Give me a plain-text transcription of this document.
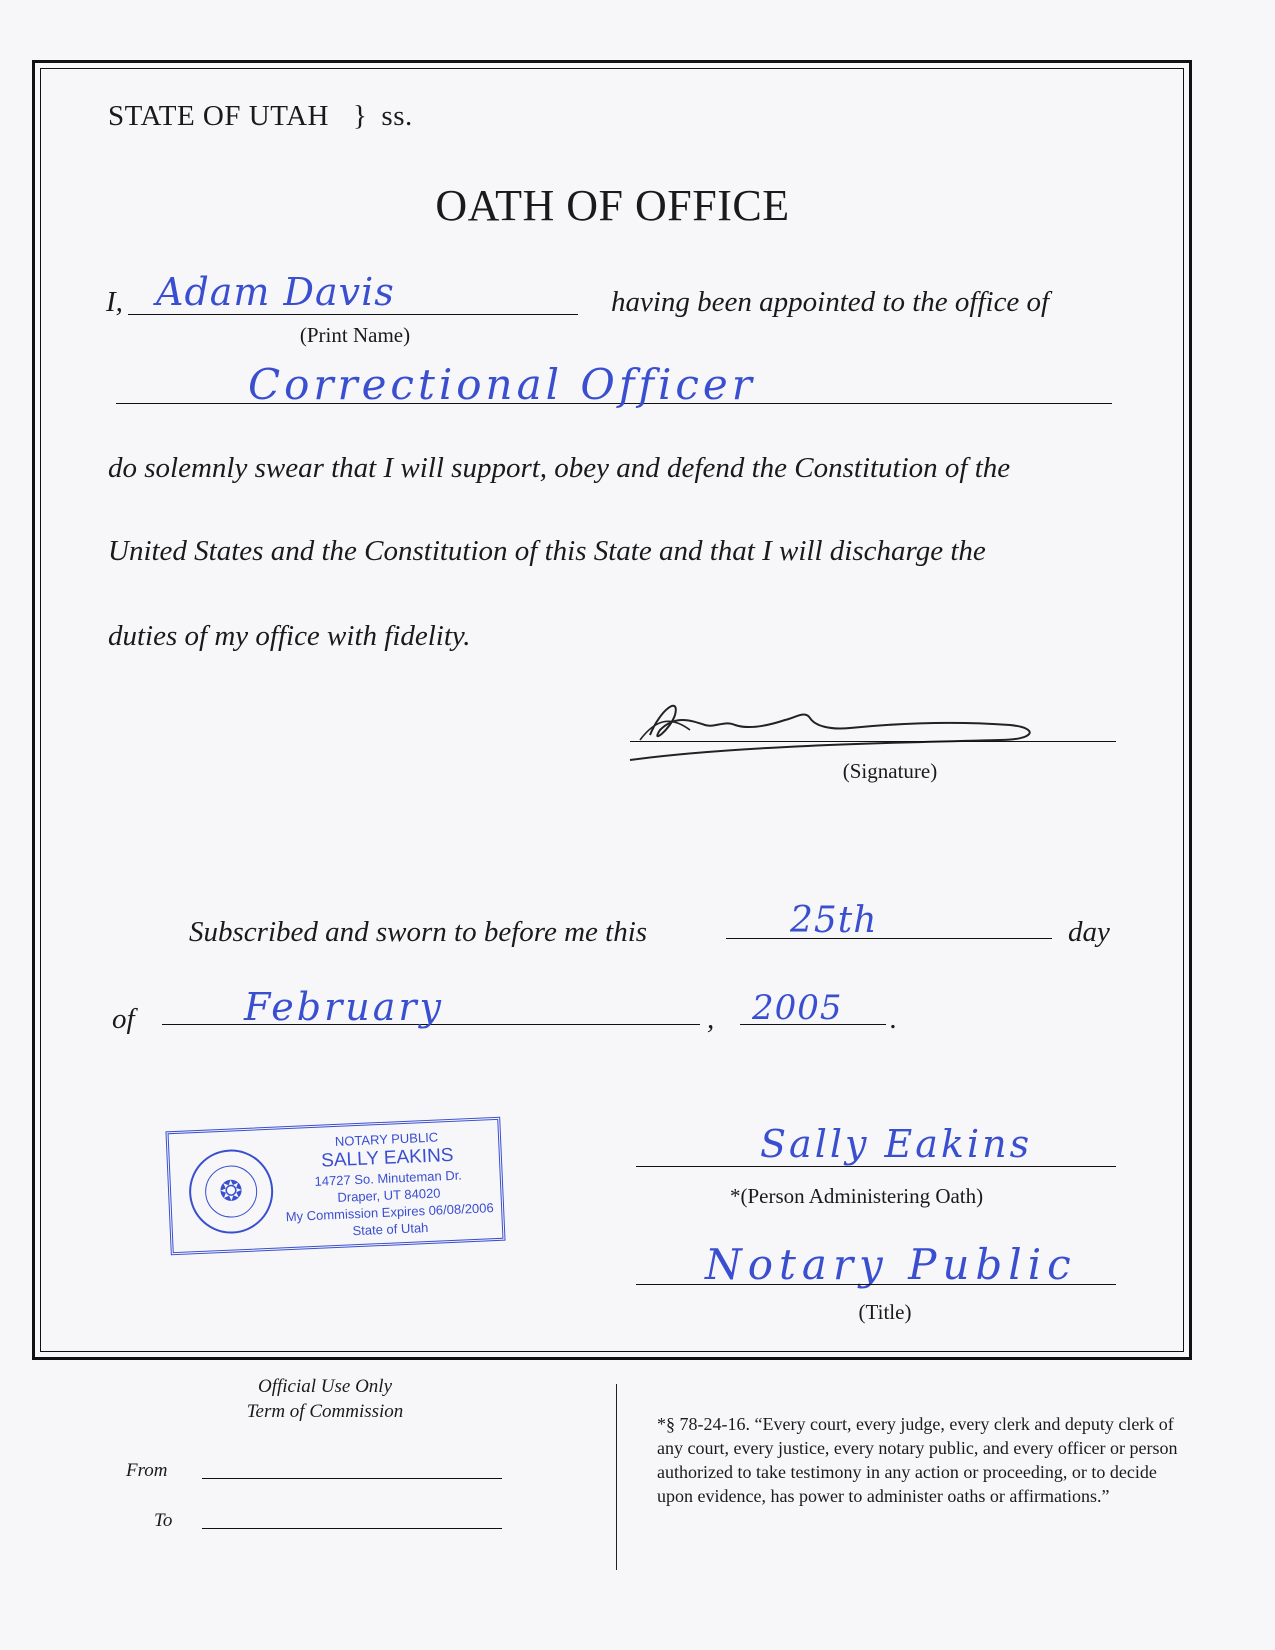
STATE OF UTAH } ss.
OATH OF OFFICE
I, Adam Davis
(Print Name)
having been appointed to the office of
Correctional Officer
do solemnly swear that I will support, obey and defend the Constitution of the
United States and the Constitution of this State and that I will discharge the
duties of my office with fidelity.
(Signature)
Subscribed and sworn to before me this	25th	day
of	February	, 2005 .
❂
NOTARY PUBLIC
SALLY EAKINS
14727 So. Minuteman Dr.
Draper, UT 84020
My Commission Expires 06/08/2006
State of Utah
Sally Eakins
*(Person Administering Oath)
Notary Public
(Title)
Official Use Only
Term of Commission
From
To
*§ 78-24-16. “Every court, every judge, every clerk and deputy clerk of any court, every justice, every notary public, and every officer or person authorized to take testimony in any action or proceeding, or to decide upon evidence, has power to administer oaths or affirmations.”
